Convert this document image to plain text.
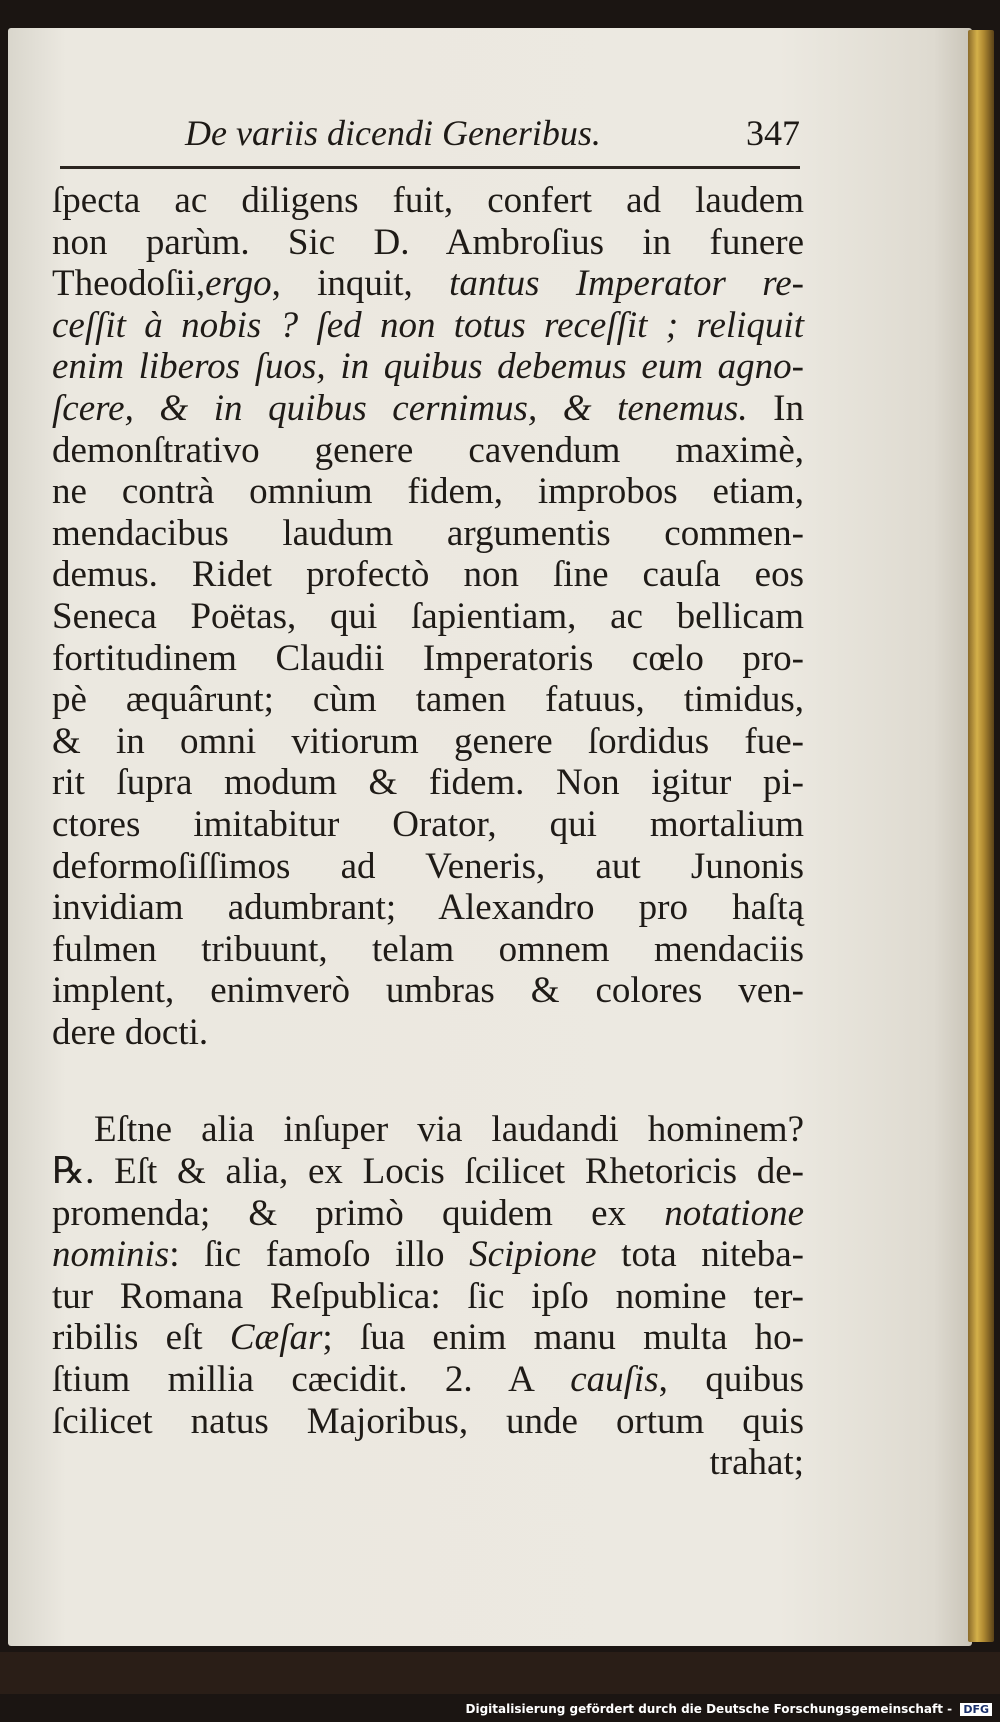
De variis dicendi Generibus.	347
ſpecta ac diligens fuit, confert ad laudem
non parùm. Sic D. Ambroſius in funere
Theodoſii,ergo, inquit, tantus Imperator re-
ceſſit à nobis ? ſed non totus receſſit ; reliquit
enim liberos ſuos, in quibus debemus eum agno-
ſcere, & in quibus cernimus, & tenemus. In
demonſtrativo genere cavendum maximè,
ne contrà omnium fidem, improbos etiam,
mendacibus laudum argumentis commen-
demus. Ridet profectò non ſine cauſa eos
Seneca Poëtas, qui ſapientiam, ac bellicam
fortitudinem Claudii Imperatoris cœlo pro-
pè æquârunt; cùm tamen fatuus, timidus,
& in omni vitiorum genere ſordidus fue-
rit ſupra modum & fidem. Non igitur pi-
ctores imitabitur Orator, qui mortalium
deformoſiſſimos ad Veneris, aut Junonis
invidiam adumbrant; Alexandro pro haſtą
fulmen tribuunt, telam omnem mendaciis
implent, enimverò umbras & colores ven-
dere docti.
Eſtne alia inſuper via laudandi hominem?
℞. Eſt & alia, ex Locis ſcilicet Rhetoricis de-
promenda; & primò quidem ex notatione
nominis: ſic famoſo illo Scipione tota niteba-
tur Romana Reſpublica: ſic ipſo nomine ter-
ribilis eſt Cæſar; ſua enim manu multa ho-
ſtium millia cæcidit. 2. A cauſis, quibus
ſcilicet natus Majoribus, unde ortum quis
trahat;
Digitalisierung gefördert durch die Deutsche Forschungsgemeinschaft - DFG
